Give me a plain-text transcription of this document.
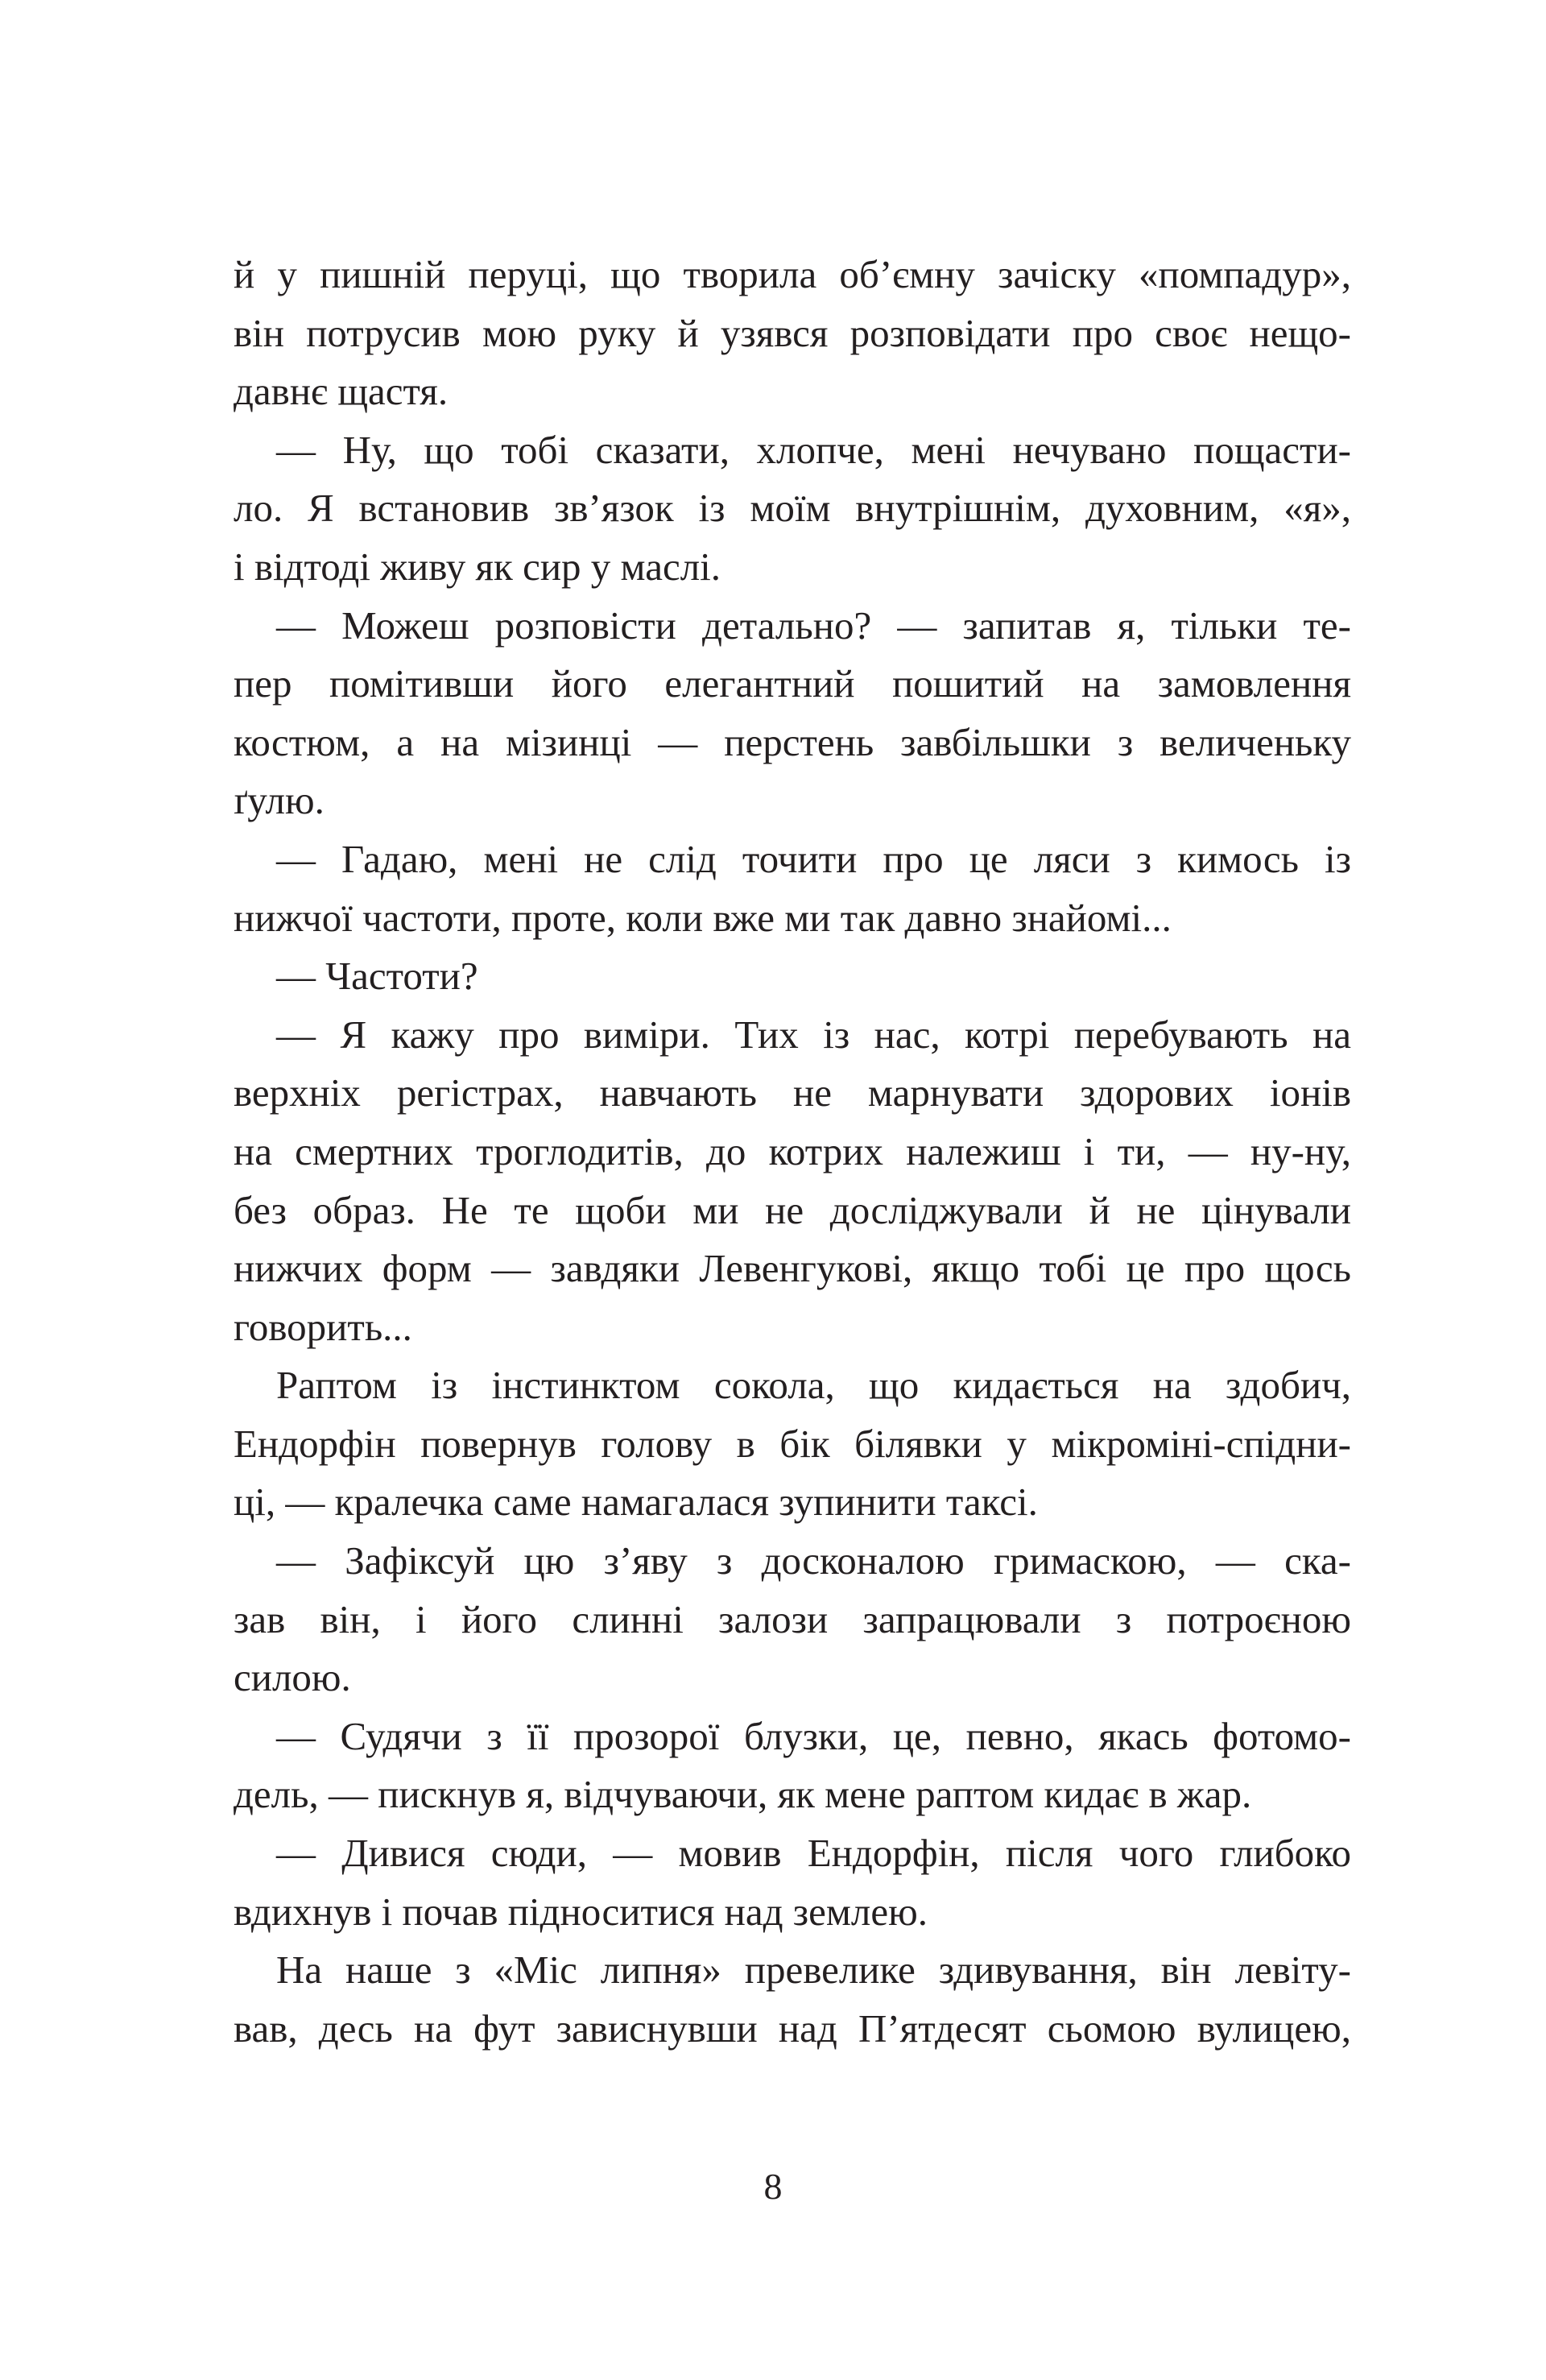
й у пишній перуці, що творила об’ємну зачіску «помпадур»,
він потрусив мою руку й узявся розповідати про своє нещо-
давнє щастя.
— Ну, що тобі сказати, хлопче, мені нечувано пощасти-
ло. Я встановив зв’язок із моїм внутрішнім, духовним, «я»,
і відтоді живу як сир у маслі.
— Можеш розповісти детально? — запитав я, тільки те-
пер помітивши його елегантний пошитий на замовлення
костюм, а на мізинці — перстень завбільшки з величеньку
ґулю.
— Гадаю, мені не слід точити про це ляси з кимось із
нижчої частоти, проте, коли вже ми так давно знайомі...
— Частоти?
— Я кажу про виміри. Тих із нас, котрі перебувають на
верхніх регістрах, навчають не марнувати здорових іонів
на смертних троглодитів, до котрих належиш і ти, — ну-ну,
без образ. Не те щоби ми не досліджували й не цінували
нижчих форм — завдяки Левенгукові, якщо тобі це про щось
говорить...
Раптом із інстинктом сокола, що кидається на здобич,
Ендорфін повернув голову в бік білявки у мікроміні-спідни-
ці, — кралечка саме намагалася зупинити таксі.
— Зафіксуй цю з’яву з досконалою гримаскою, — ска-
зав він, і його слинні залози запрацювали з потроєною
силою.
— Судячи з її прозорої блузки, це, певно, якась фотомо-
дель, — пискнув я, відчуваючи, як мене раптом кидає в жар.
— Дивися сюди, — мовив Ендорфін, після чого глибоко
вдихнув і почав підноситися над землею.
На наше з «Міс липня» превелике здивування, він левіту-
вав, десь на фут зависнувши над П’ятдесят сьомою вулицею,
8
